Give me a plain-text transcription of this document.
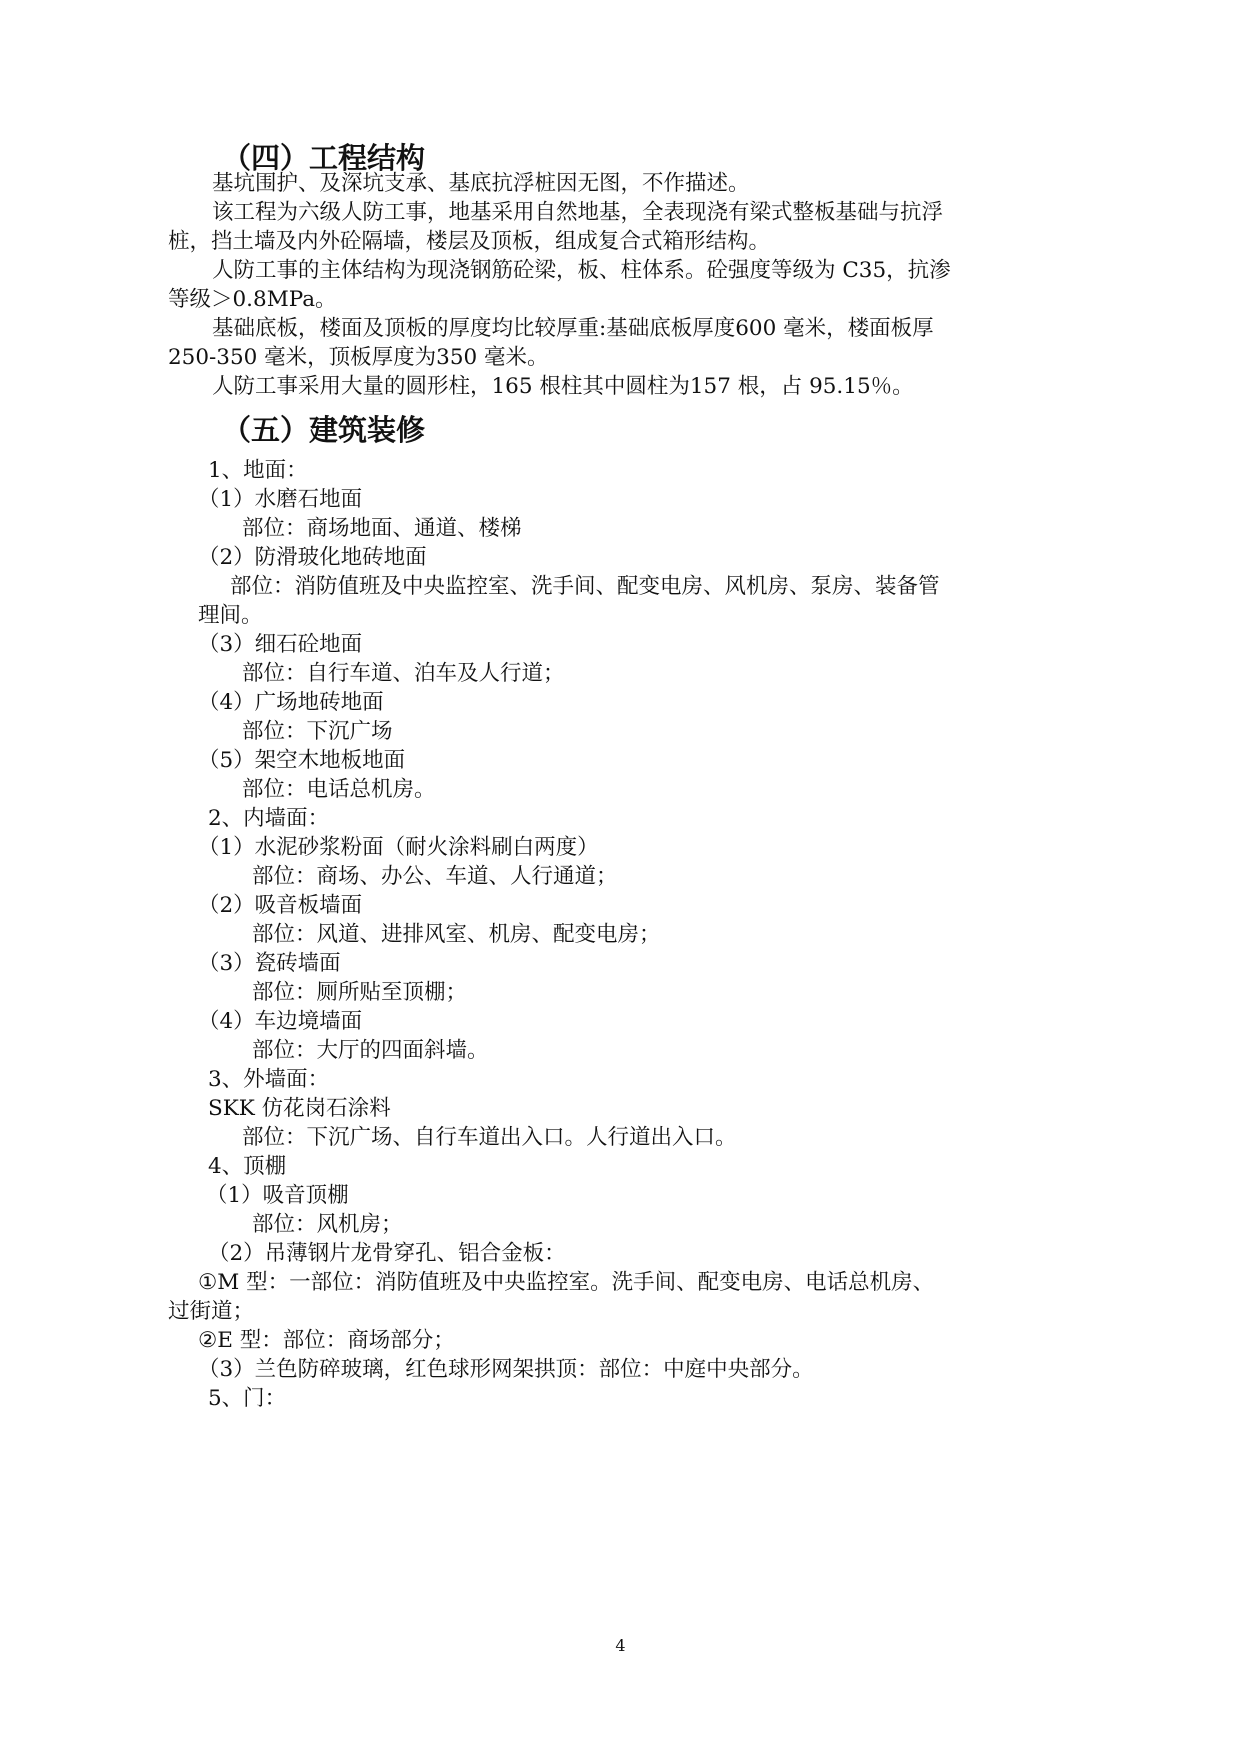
（四）工程结构
基坑围护、及深坑支承、基底抗浮桩因无图，不作描述。
该工程为六级人防工事，地基采用自然地基，全表现浇有梁式整板基础与抗浮
桩，挡土墙及内外砼隔墙，楼层及顶板，组成复合式箱形结构。
人防工事的主体结构为现浇钢筋砼梁，板、柱体系。砼强度等级为 C35，抗渗
等级＞0.8MPa。
基础底板，楼面及顶板的厚度均比较厚重:基础底板厚度600 毫米，楼面板厚
250-350 毫米，顶板厚度为350 毫米。
人防工事采用大量的圆形柱，165 根柱其中圆柱为157 根，占 95.15％。
（五）建筑装修
1、地面：
（1）水磨石地面
部位：商场地面、通道、楼梯
（2）防滑玻化地砖地面
部位：消防值班及中央监控室、洗手间、配变电房、风机房、泵房、装备管
理间。
（3）细石砼地面
部位：自行车道、泊车及人行道；
（4）广场地砖地面
部位：下沉广场
（5）架空木地板地面
部位：电话总机房。
2、内墙面：
（1）水泥砂浆粉面（耐火涂料刷白两度）
部位：商场、办公、车道、人行通道；
（2）吸音板墙面
部位：风道、进排风室、机房、配变电房；
（3）瓷砖墙面
部位：厕所贴至顶棚；
（4）车边境墙面
部位：大厅的四面斜墙。
3、外墙面：
SKK 仿花岗石涂料
部位：下沉广场、自行车道出入口。人行道出入口。
4、顶棚
（1）吸音顶棚
部位：风机房；
（2）吊薄钢片龙骨穿孔、铝合金板：
①M 型：一部位：消防值班及中央监控室。洗手间、配变电房、电话总机房、
过街道；
②E 型：部位：商场部分；
（3）兰色防碎玻璃，红色球形网架拱顶：部位：中庭中央部分。
5、门：
4
